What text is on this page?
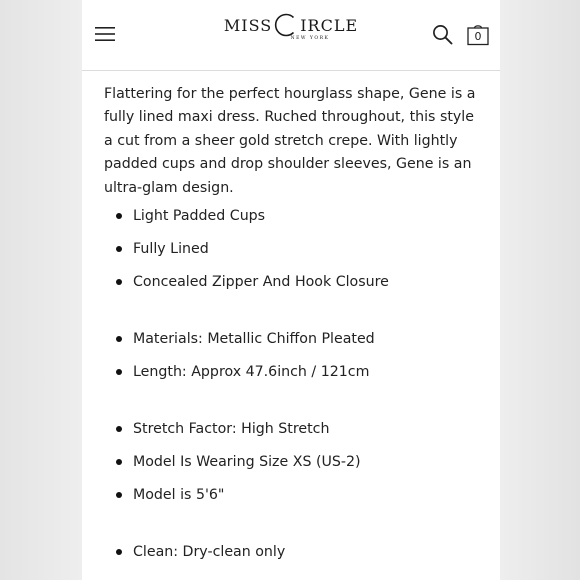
MISS IRCLE
NEW YORK	0

Flattering for the perfect hourglass shape, Gene is a fully lined maxi dress. Ruched throughout, this style a cut from a sheer gold stretch crepe. With lightly padded cups and drop shoulder sleeves, Gene is an ultra-glam design.

Light Padded Cups
Fully Lined
Concealed Zipper And Hook Closure
Materials: Metallic Chiffon Pleated
Length: Approx 47.6inch / 121cm
Stretch Factor: High Stretch
Model Is Wearing Size XS (US-2)
Model is 5'6"
Clean: Dry-clean only
